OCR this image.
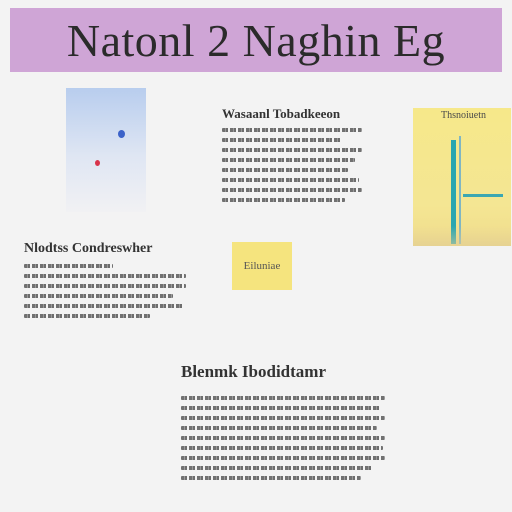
Natonl 2 Naghin Eg
Wasaanl Tobadkeeon	Thsnoiuetn
Nlodtss Condreswher
Eiluniae
Blenmk Ibodidtamr
